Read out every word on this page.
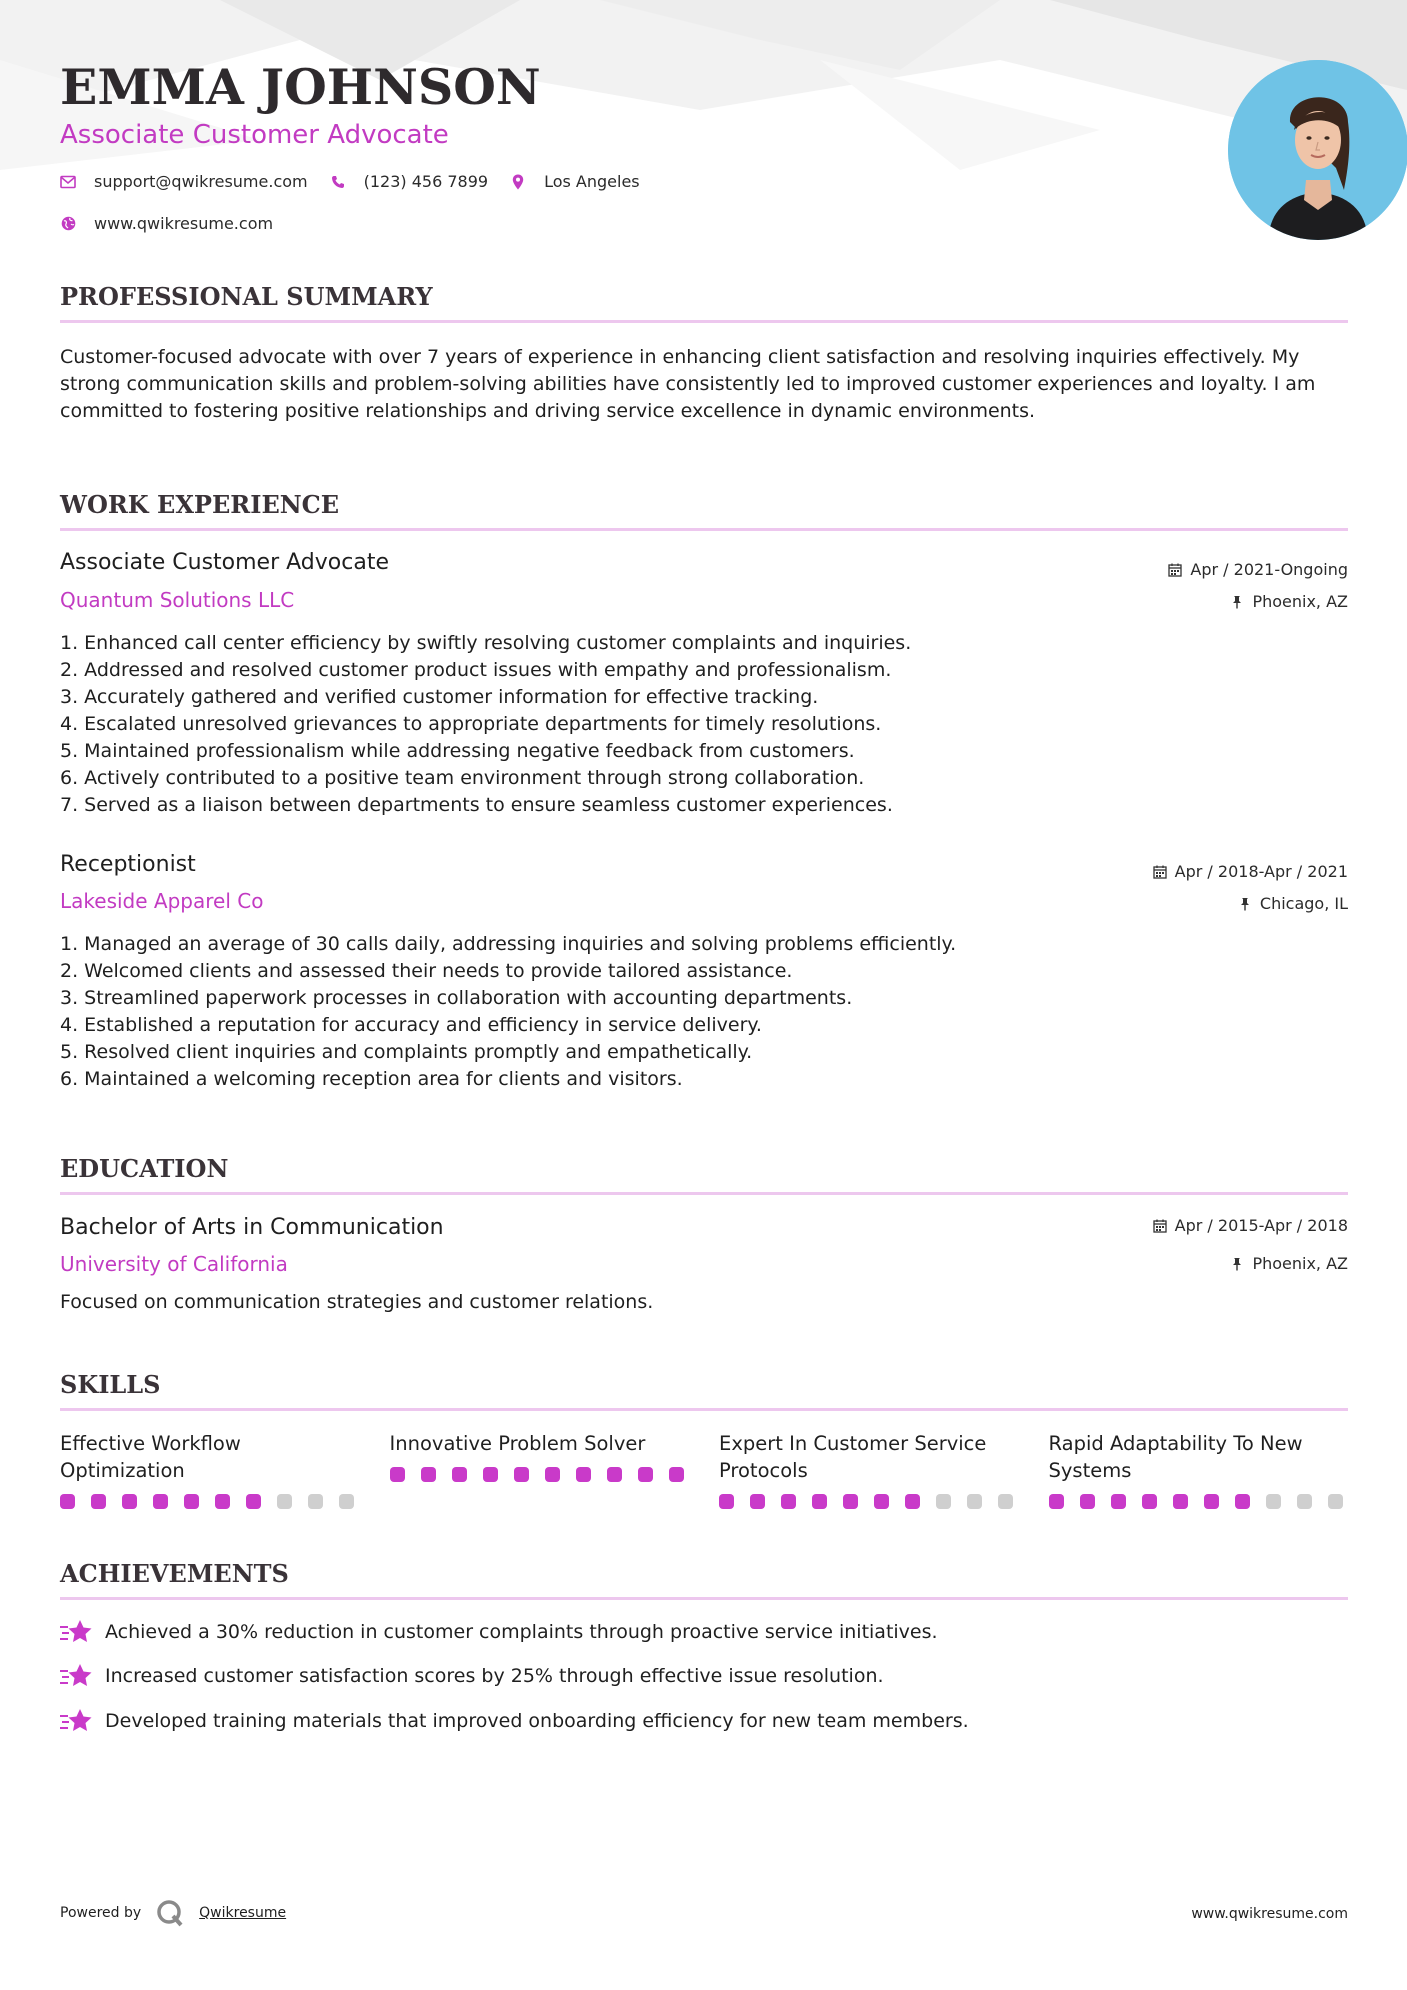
EMMA JOHNSON
Associate Customer Advocate
support@qwikresume.com	(123) 456 7899	Los Angeles
www.qwikresume.com
PROFESSIONAL SUMMARY
Customer-focused advocate with over 7 years of experience in enhancing client satisfaction and resolving inquiries effectively. My strong communication skills and problem-solving abilities have consistently led to improved customer experiences and loyalty. I am committed to fostering positive relationships and driving service excellence in dynamic environments.
WORK EXPERIENCE
Associate Customer Advocate
Quantum Solutions LLC
Apr / 2021-Ongoing
Phoenix, AZ
1. Enhanced call center efficiency by swiftly resolving customer complaints and inquiries.
2. Addressed and resolved customer product issues with empathy and professionalism.
3. Accurately gathered and verified customer information for effective tracking.
4. Escalated unresolved grievances to appropriate departments for timely resolutions.
5. Maintained professionalism while addressing negative feedback from customers.
6. Actively contributed to a positive team environment through strong collaboration.
7. Served as a liaison between departments to ensure seamless customer experiences.
Receptionist
Lakeside Apparel Co
Apr / 2018-Apr / 2021
Chicago, IL
1. Managed an average of 30 calls daily, addressing inquiries and solving problems efficiently.
2. Welcomed clients and assessed their needs to provide tailored assistance.
3. Streamlined paperwork processes in collaboration with accounting departments.
4. Established a reputation for accuracy and efficiency in service delivery.
5. Resolved client inquiries and complaints promptly and empathetically.
6. Maintained a welcoming reception area for clients and visitors.
EDUCATION
Bachelor of Arts in Communication
University of California
Apr / 2015-Apr / 2018
Phoenix, AZ
Focused on communication strategies and customer relations.
SKILLS
Effective Workflow Optimization
Innovative Problem Solver	Expert In Customer Service Protocols
Rapid Adaptability To New Systems
ACHIEVEMENTS
Achieved a 30% reduction in customer complaints through proactive service initiatives.
Increased customer satisfaction scores by 25% through effective issue resolution.
Developed training materials that improved onboarding efficiency for new team members.
Powered by	Qwikresume	www.qwikresume.com
